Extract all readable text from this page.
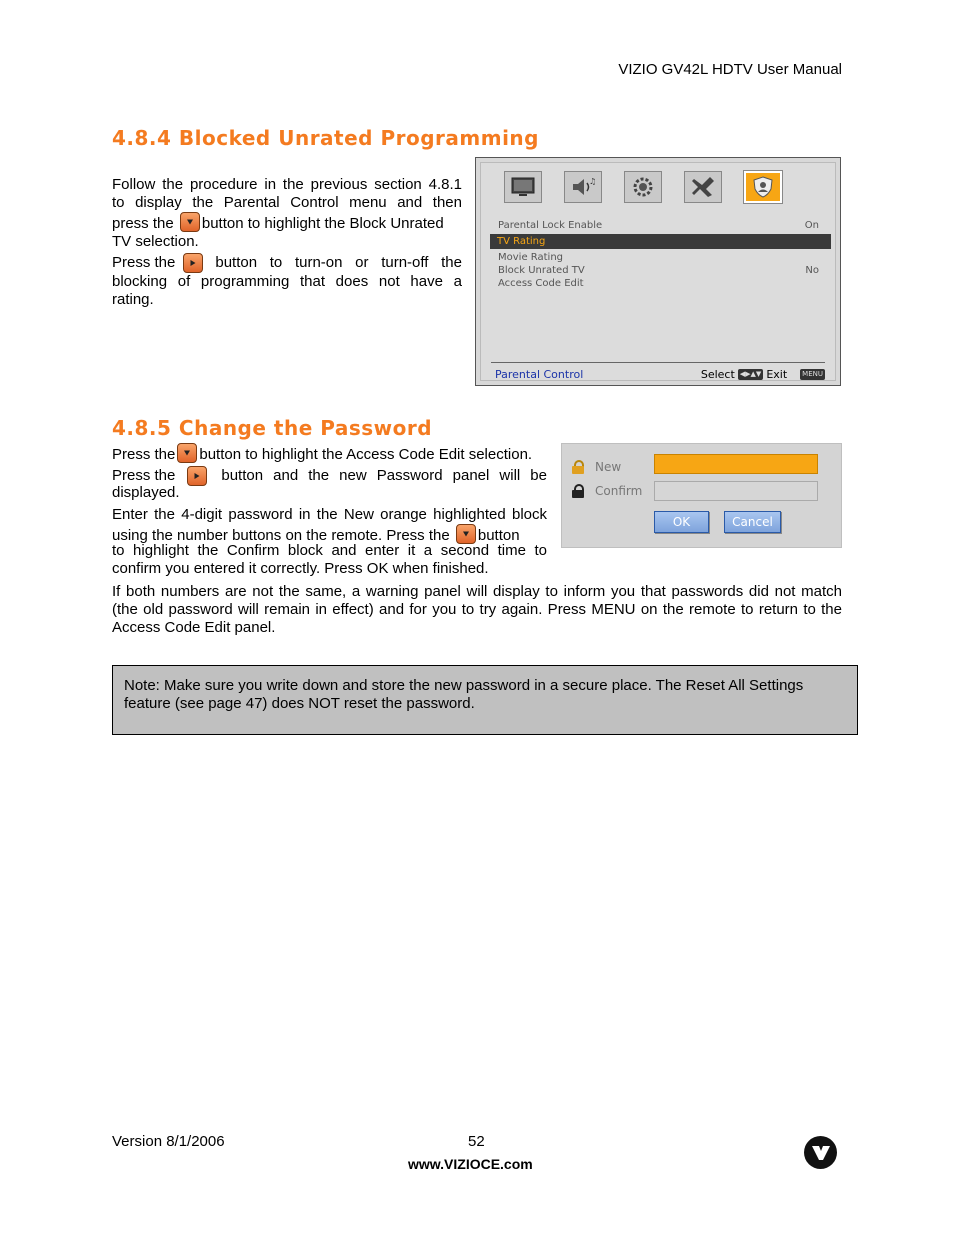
VIZIO GV42L HDTV User Manual
4.8.4 Blocked Unrated Programming
Follow the procedure in the previous section 4.8.1
to display the Parental Control menu and then
press the button to highlight the Block Unrated
TV selection.
Press the	button to turn-on or turn-off the
blocking of programming that does not have a
rating.
♫
Parental Lock Enable	On
TV Rating
Movie Rating
Block Unrated TV	No
Access Code Edit
Parental Control	Select ◀▶▲▼ Exit MENU
4.8.5 Change the Password
Press the button to highlight the Access Code Edit selection.
Press the	button and the new Password panel will be
displayed.
Enter the 4-digit password in the New orange highlighted block
using the number buttons on the remote. Press the button
to highlight the Confirm block and enter it a second time to
confirm you entered it correctly. Press OK when finished.
New
Confirm
OK	Cancel
If both numbers are not the same, a warning panel will display to inform you that passwords did not match (the old password will remain in effect) and for you to try again. Press MENU on the remote to return to the Access Code Edit panel.
Note: Make sure you write down and store the new password in a secure place. The Reset All Settings feature (see page 47) does NOT reset the password.
Version 8/1/2006	52
www.VIZIOCE.com
